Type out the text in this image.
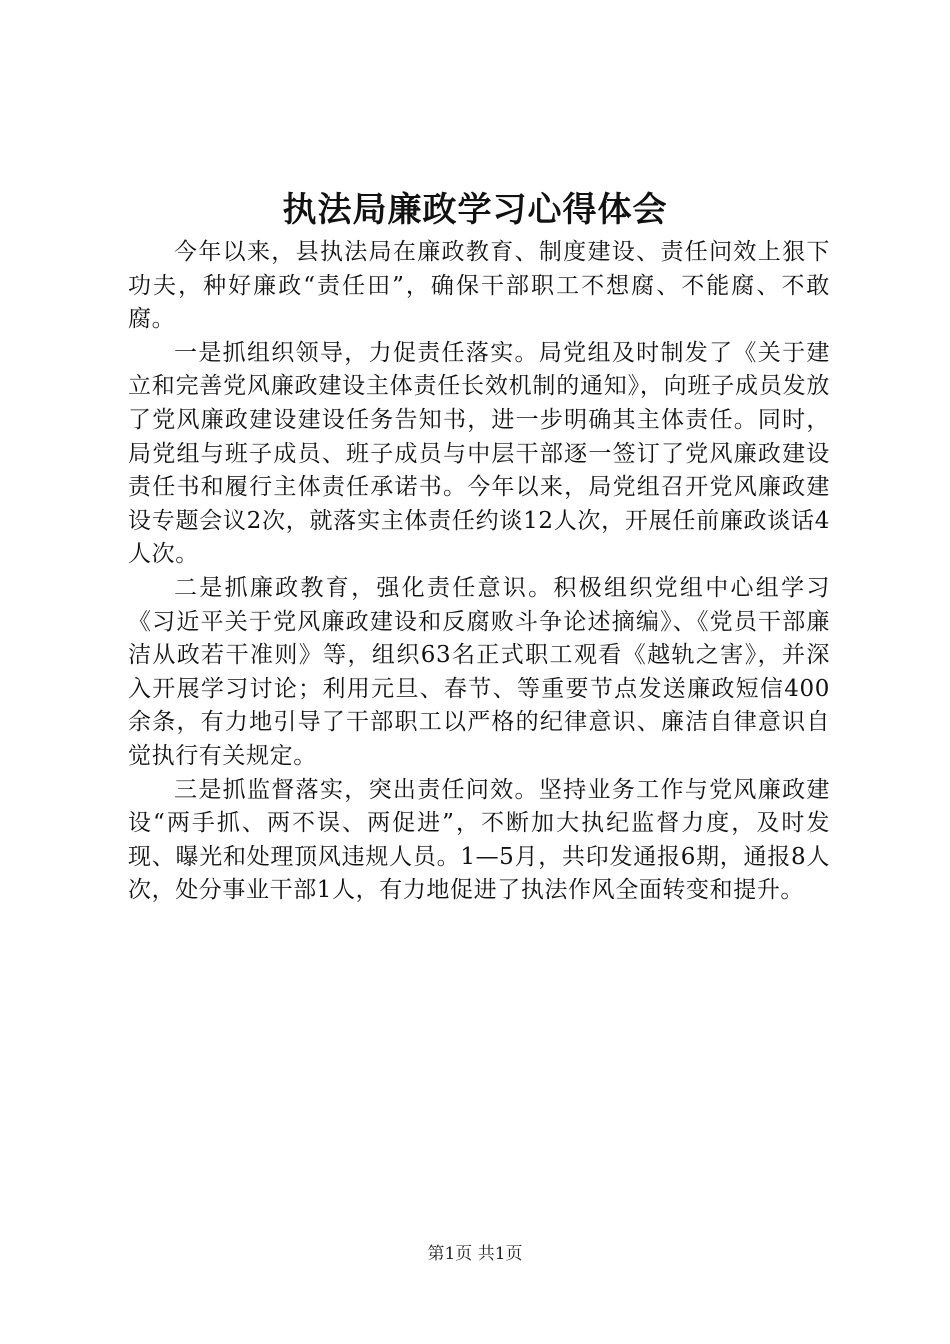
执法局廉政学习心得体会

今年以来，县执法局在廉政教育、制度建设、责任问效上狠下功夫，种好廉政“责任田”，确保干部职工不想腐、不能腐、不敢腐。

一是抓组织领导，力促责任落实。局党组及时制发了《关于建立和完善党风廉政建设主体责任长效机制的通知》，向班子成员发放了党风廉政建设建设任务告知书，进一步明确其主体责任。同时，局党组与班子成员、班子成员与中层干部逐一签订了党风廉政建设责任书和履行主体责任承诺书。今年以来，局党组召开党风廉政建设专题会议2次，就落实主体责任约谈12人次，开展任前廉政谈话4人次。

二是抓廉政教育，强化责任意识。积极组织党组中心组学习《习近平关于党风廉政建设和反腐败斗争论述摘编》、《党员干部廉洁从政若干准则》等，组织63名正式职工观看《越轨之害》，并深入开展学习讨论；利用元旦、春节、等重要节点发送廉政短信400余条，有力地引导了干部职工以严格的纪律意识、廉洁自律意识自觉执行有关规定。

三是抓监督落实，突出责任问效。坚持业务工作与党风廉政建设“两手抓、两不误、两促进”，不断加大执纪监督力度，及时发现、曝光和处理顶风违规人员。1—5月，共印发通报6期，通报8人次，处分事业干部1人，有力地促进了执法作风全面转变和提升。

第1页 共1页
